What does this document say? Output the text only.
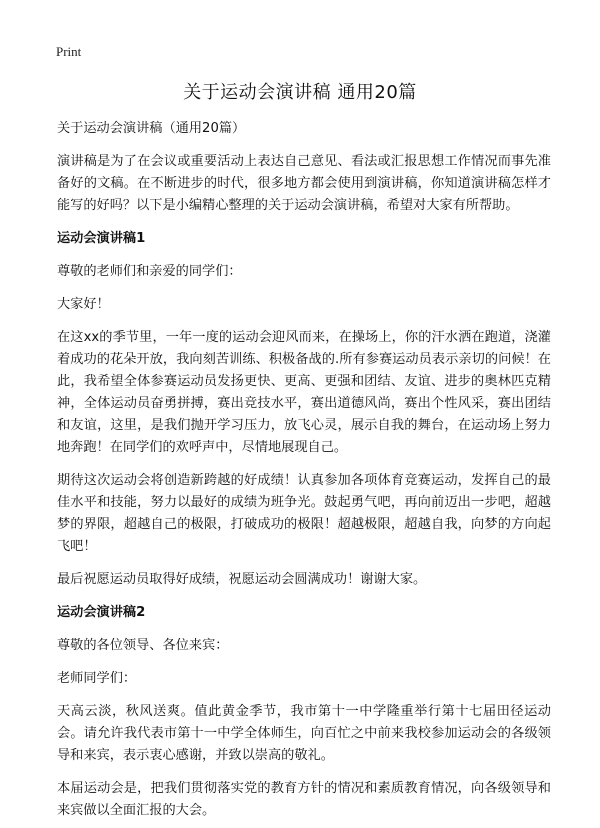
Print
关于运动会演讲稿 通用20篇

关于运动会演讲稿（通用20篇）

演讲稿是为了在会议或重要活动上表达自己意见、看法或汇报思想工作情况而事先准备好的文稿。在不断进步的时代，很多地方都会使用到演讲稿，你知道演讲稿怎样才能写的好吗？以下是小编精心整理的关于运动会演讲稿，希望对大家有所帮助。

运动会演讲稿1

尊敬的老师们和亲爱的同学们：

大家好！

在这xx的季节里，一年一度的运动会迎风而来，在操场上，你的汗水洒在跑道，浇灌着成功的花朵开放，我向刻苦训练、积极备战的.所有参赛运动员表示亲切的问候！在此，我希望全体参赛运动员发扬更快、更高、更强和团结、友谊、进步的奥林匹克精神，全体运动员奋勇拼搏，赛出竞技水平，赛出道德风尚，赛出个性风采，赛出团结和友谊，这里，是我们抛开学习压力，放飞心灵，展示自我的舞台，在运动场上努力地奔跑！在同学们的欢呼声中，尽情地展现自己。

期待这次运动会将创造新跨越的好成绩！认真参加各项体育竞赛运动，发挥自己的最佳水平和技能，努力以最好的成绩为班争光。鼓起勇气吧，再向前迈出一步吧，超越梦的界限，超越自己的极限，打破成功的极限！超越极限，超越自我，向梦的方向起飞吧！

最后祝愿运动员取得好成绩，祝愿运动会圆满成功！谢谢大家。

运动会演讲稿2

尊敬的各位领导、各位来宾：

老师同学们：

天高云淡，秋风送爽。值此黄金季节，我市第十一中学隆重举行第十七届田径运动会。请允许我代表市第十一中学全体师生，向百忙之中前来我校参加运动会的各级领导和来宾，表示衷心感谢，并致以崇高的敬礼。

本届运动会是，把我们贯彻落实党的教育方针的情况和素质教育情况，向各级领导和来宾做以全面汇报的大会。
